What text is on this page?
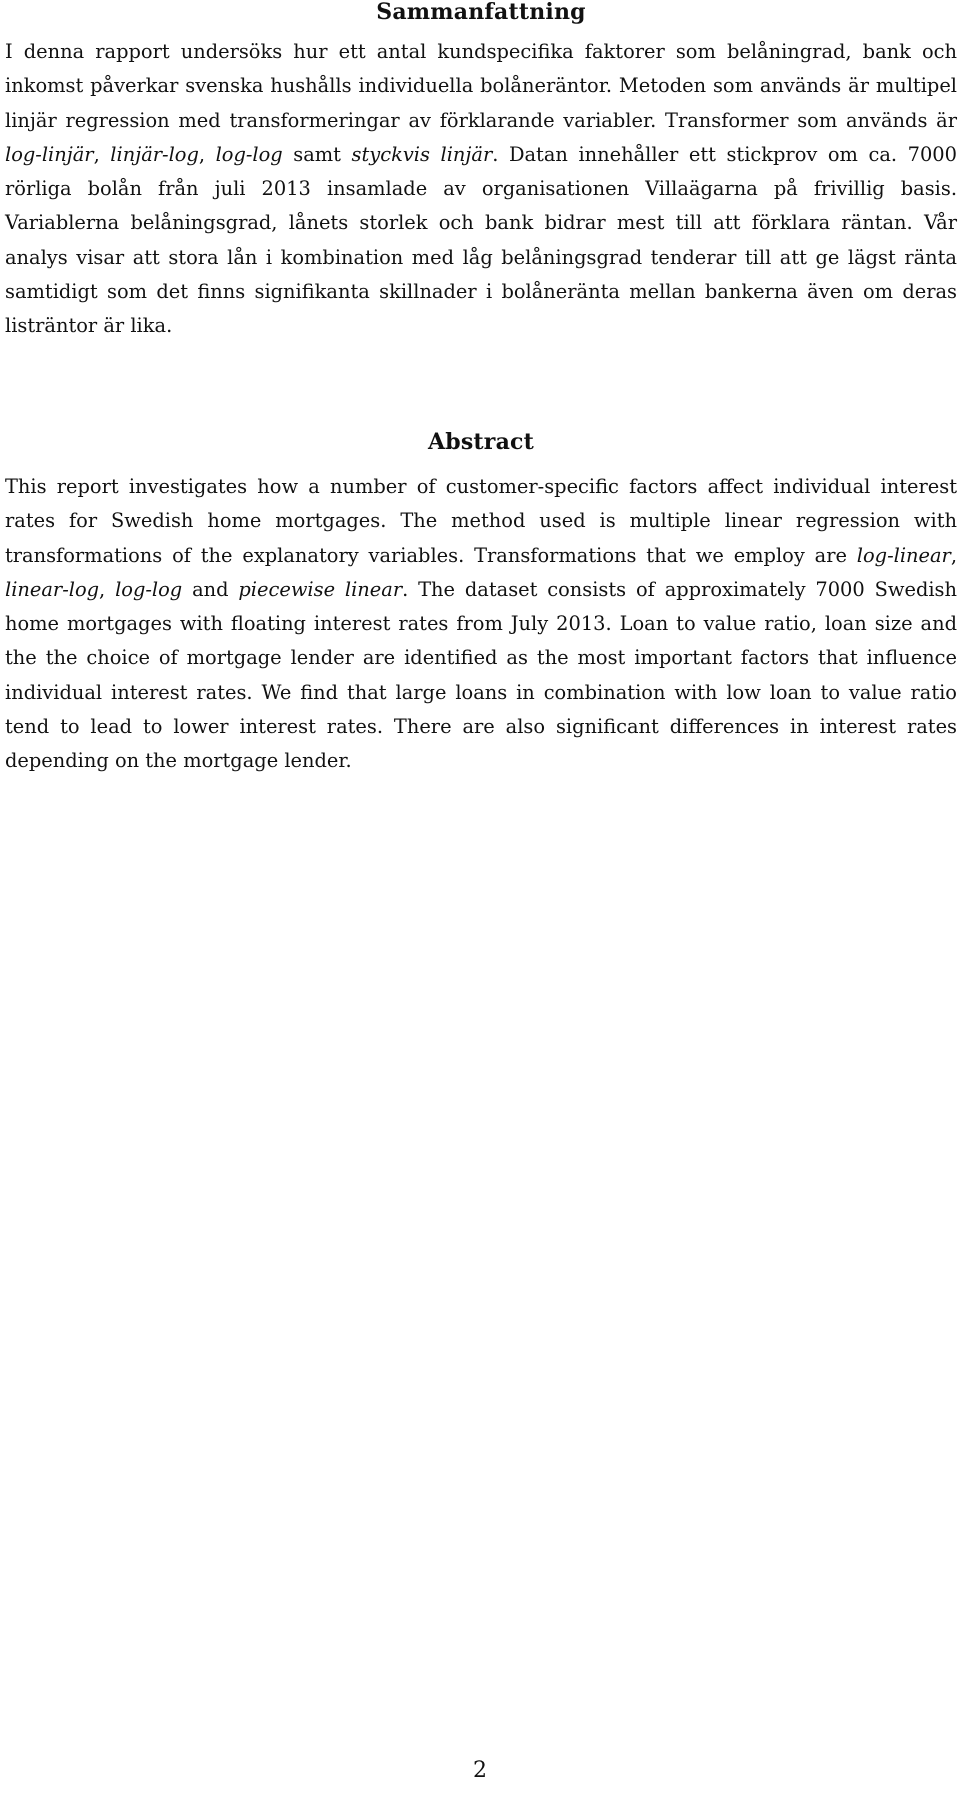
Sammanfattning

I denna rapport undersöks hur ett antal kundspecifika faktorer som belåningrad, bank och inkomst påverkar svenska hushålls individuella bolåneräntor. Metoden som används är multipel linjär regression med transformeringar av förklarande variabler. Transformer som används är log-linjär, linjär-log, log-log samt styckvis linjär. Datan innehåller ett stickprov om ca. 7000 rörliga bolån från juli 2013 insamlade av organisationen Villaägarna på frivillig basis. Variablerna belåningsgrad, lånets storlek och bank bidrar mest till att förklara räntan. Vår analys visar att stora lån i kombination med låg belåningsgrad tenderar till att ge lägst ränta samtidigt som det finns signifikanta skillnader i bolåneränta mellan bankerna även om deras listräntor är lika.

Abstract

This report investigates how a number of customer-specific factors affect individual interest rates for Swedish home mortgages. The method used is multiple linear regression with transformations of the explanatory variables. Transformations that we employ are log-linear, linear-log, log-log and piecewise linear. The dataset consists of approximately 7000 Swedish home mortgages with floating interest rates from July 2013. Loan to value ratio, loan size and the the choice of mortgage lender are identified as the most important factors that influence individual interest rates. We find that large loans in combination with low loan to value ratio tend to lead to lower interest rates. There are also significant differences in interest rates depending on the mortgage lender.

2
